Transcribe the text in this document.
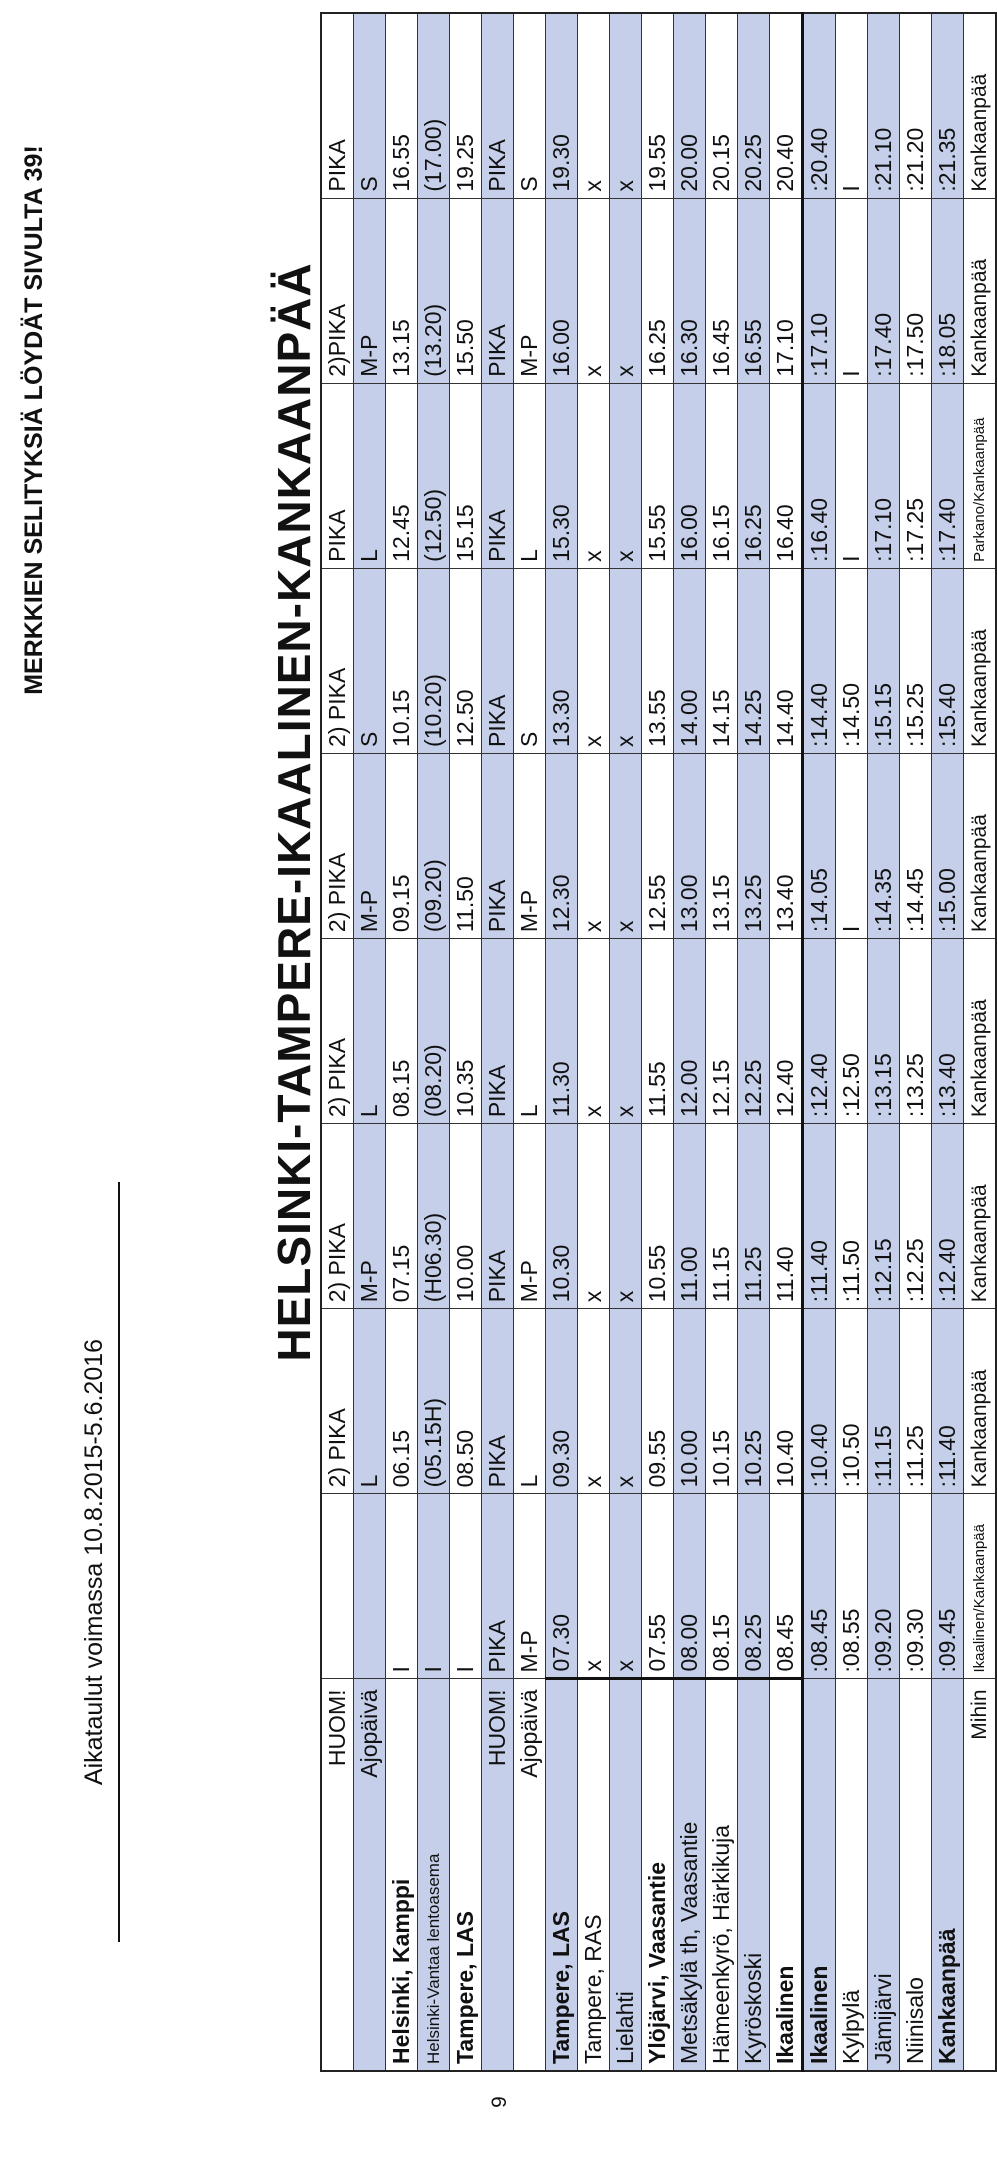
9
HELSINKI-TAMPERE-IKAALINEN-KANKAANPÄÄ
MERKKIEN SELITYKSIÄ LÖYDÄT SIVULTA 39!
Aikataulut voimassa 10.8.2015-5.6.2016	HUOM!		2) PIKA	2) PIKA	2) PIKA	2) PIKA	2) PIKA	PIKA	2)PIKA	PIKA
Ajopäivä		L	M-P	L	M-P	S	L	M-P	S
Helsinki, Kamppi	I	06.15	07.15	08.15	09.15	10.15	12.45	13.15	16.55
Helsinki-Vantaa lentoasema	I	(05.15H)	(H06.30)	(08.20)	(09.20)	(10.20)	(12.50)	(13.20)	(17.00)
Tampere, LAS	I	08.50	10.00	10.35	11.50	12.50	15.15	15.50	19.25
HUOM!	PIKA	PIKA	PIKA	PIKA	PIKA	PIKA	PIKA	PIKA	PIKA
Ajopäivä	M-P	L	M-P	L	M-P	S	L	M-P	S
Tampere, LAS	07.30	09.30	10.30	11.30	12.30	13.30	15.30	16.00	19.30
Tampere, RAS	x	x	x	x	x	x	x	x	x
Lielahti	x	x	x	x	x	x	x	x	x
Ylöjärvi, Vaasantie	07.55	09.55	10.55	11.55	12.55	13.55	15.55	16.25	19.55
Metsäkylä th, Vaasantie	08.00	10.00	11.00	12.00	13.00	14.00	16.00	16.30	20.00
Hämeenkyrö, Härkikuja	08.15	10.15	11.15	12.15	13.15	14.15	16.15	16.45	20.15
Kyröskoski	08.25	10.25	11.25	12.25	13.25	14.25	16.25	16.55	20.25
Ikaalinen	08.45	10.40	11.40	12.40	13.40	14.40	16.40	17.10	20.40
Ikaalinen	:08.45	:10.40	:11.40	:12.40	:14.05	:14.40	:16.40	:17.10	:20.40
Kylpylä	:08.55	:10.50	:11.50	:12.50	I	:14.50	I	I	I
Jämijärvi	:09.20	:11.15	:12.15	:13.15	:14.35	:15.15	:17.10	:17.40	:21.10
Niinisalo	:09.30	:11.25	:12.25	:13.25	:14.45	:15.25	:17.25	:17.50	:21.20
Kankaanpää	:09.45	:11.40	:12.40	:13.40	:15.00	:15.40	:17.40	:18.05	:21.35
Mihin	Ikaalinen/Kankaanpää	Kankaanpää	Kankaanpää	Kankaanpää	Kankaanpää	Kankaanpää	Parkano/Kankaanpää	Kankaanpää	Kankaanpää
